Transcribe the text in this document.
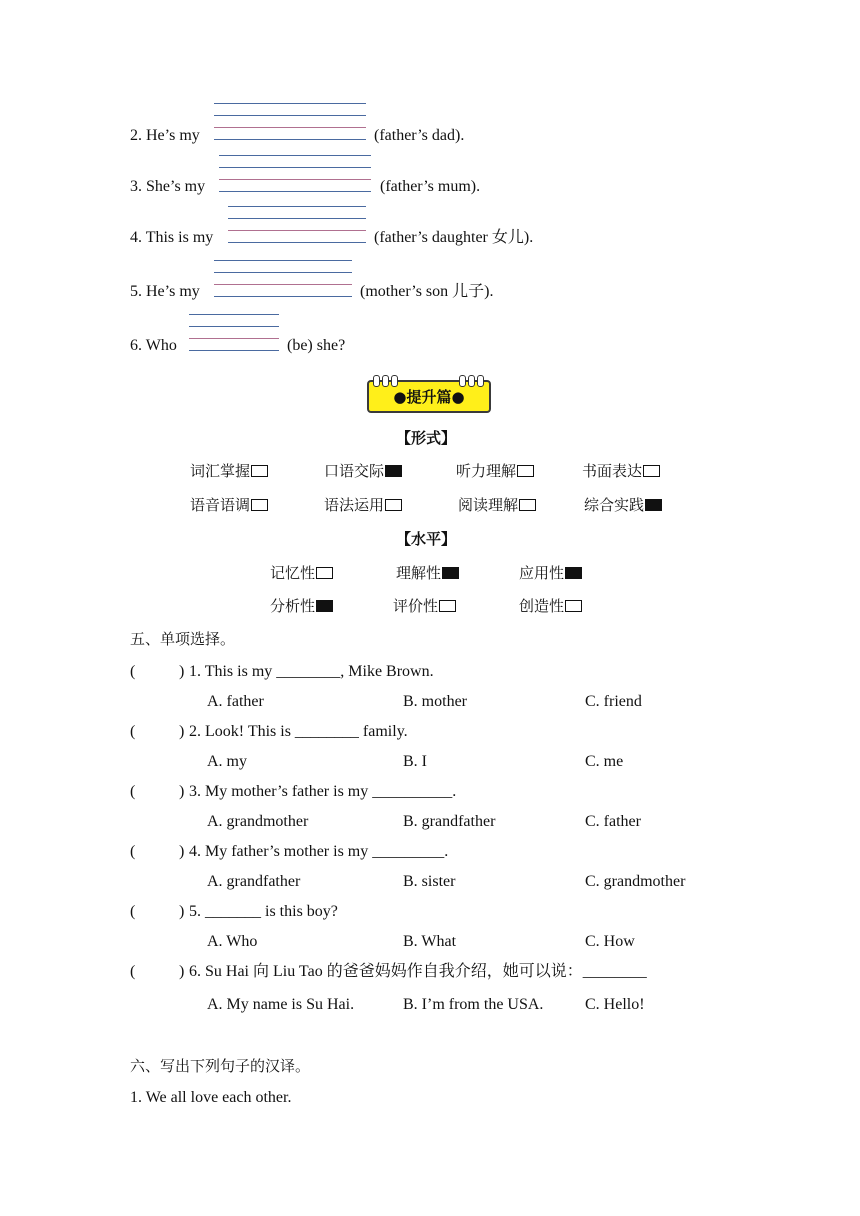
2. He’s my	(father’s dad).
3. She’s my	(father’s mum).
4. This is my	(father’s daughter 女儿).
5. He’s my	(mother’s son 儿子).
6. Who	(be) she?
●提升篇●
【形式】
词汇掌握	口语交际	听力理解	书面表达
语音语调	语法运用	阅读理解	综合实践
【水平】
记忆性	理解性	应用性
分析性	评价性	创造性
五、单项选择。
(	) 1. This is my ________, Mike Brown.
A. father	B. mother	C. friend
(	) 2. Look! This is ________ family.
A. my	B. I	C. me
(	) 3. My mother’s father is my __________.
A. grandmother	B. grandfather	C. father
(	) 4. My father’s mother is my _________.
A. grandfather	B. sister	C. grandmother
(	) 5. _______ is this boy?
A. Who	B. What	C. How
(	) 6. Su Hai 向 Liu Tao 的爸爸妈妈作自我介绍，她可以说：________
A. My name is Su Hai.	B. I’m from the USA.	C. Hello!
六、写出下列句子的汉译。
1. We all love each other.
